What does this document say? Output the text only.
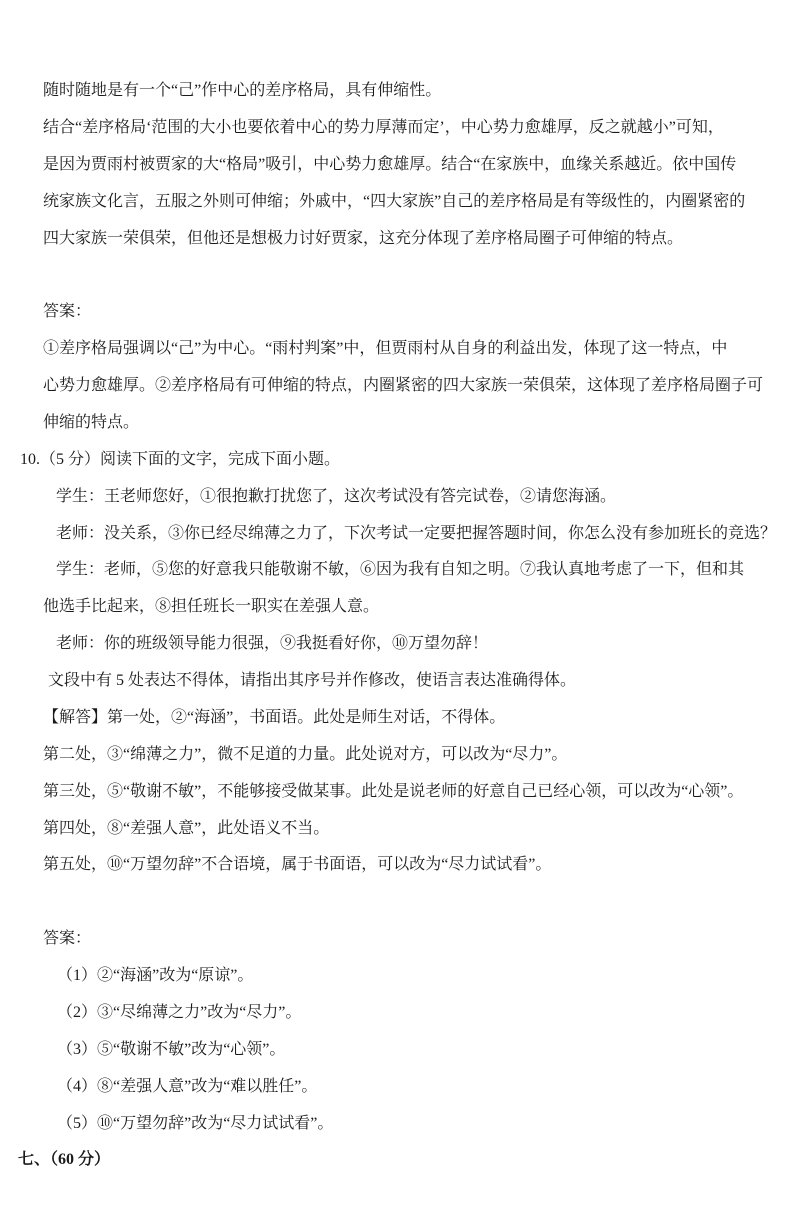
随时随地是有一个“己”作中心的差序格局，具有伸缩性。
结合“差序格局‘范围的大小也要依着中心的势力厚薄而定’，中心势力愈雄厚，反之就越小”可知，
是因为贾雨村被贾家的大“格局”吸引，中心势力愈雄厚。结合“在家族中，血缘关系越近。依中国传
统家族文化言，五服之外则可伸缩；外戚中，“四大家族”自己的差序格局是有等级性的，内圈紧密的
四大家族一荣俱荣，但他还是想极力讨好贾家，这充分体现了差序格局圈子可伸缩的特点。
答案：
①差序格局强调以“己”为中心。“雨村判案”中，但贾雨村从自身的利益出发，体现了这一特点，中
心势力愈雄厚。②差序格局有可伸缩的特点，内圈紧密的四大家族一荣俱荣，这体现了差序格局圈子可
伸缩的特点。
10.（5 分）阅读下面的文字，完成下面小题。
学生：王老师您好，①很抱歉打扰您了，这次考试没有答完试卷，②请您海涵。
老师：没关系，③你已经尽绵薄之力了，下次考试一定要把握答题时间，你怎么没有参加班长的竞选？
学生：老师，⑤您的好意我只能敬谢不敏，⑥因为我有自知之明。⑦我认真地考虑了一下，但和其
他选手比起来，⑧担任班长一职实在差强人意。
老师：你的班级领导能力很强，⑨我挺看好你，⑩万望勿辞！
文段中有 5 处表达不得体，请指出其序号并作修改，使语言表达准确得体。
【解答】第一处，②“海涵”，书面语。此处是师生对话，不得体。
第二处，③“绵薄之力”，微不足道的力量。此处说对方，可以改为“尽力”。
第三处，⑤“敬谢不敏”，不能够接受做某事。此处是说老师的好意自己已经心领，可以改为“心领”。
第四处，⑧“差强人意”，此处语义不当。
第五处，⑩“万望勿辞”不合语境，属于书面语，可以改为“尽力试试看”。
答案：
（1）②“海涵”改为“原谅”。
（2）③“尽绵薄之力”改为“尽力”。
（3）⑤“敬谢不敏”改为“心领”。
（4）⑧“差强人意”改为“难以胜任”。
（5）⑩“万望勿辞”改为“尽力试试看”。
七、（60 分）
